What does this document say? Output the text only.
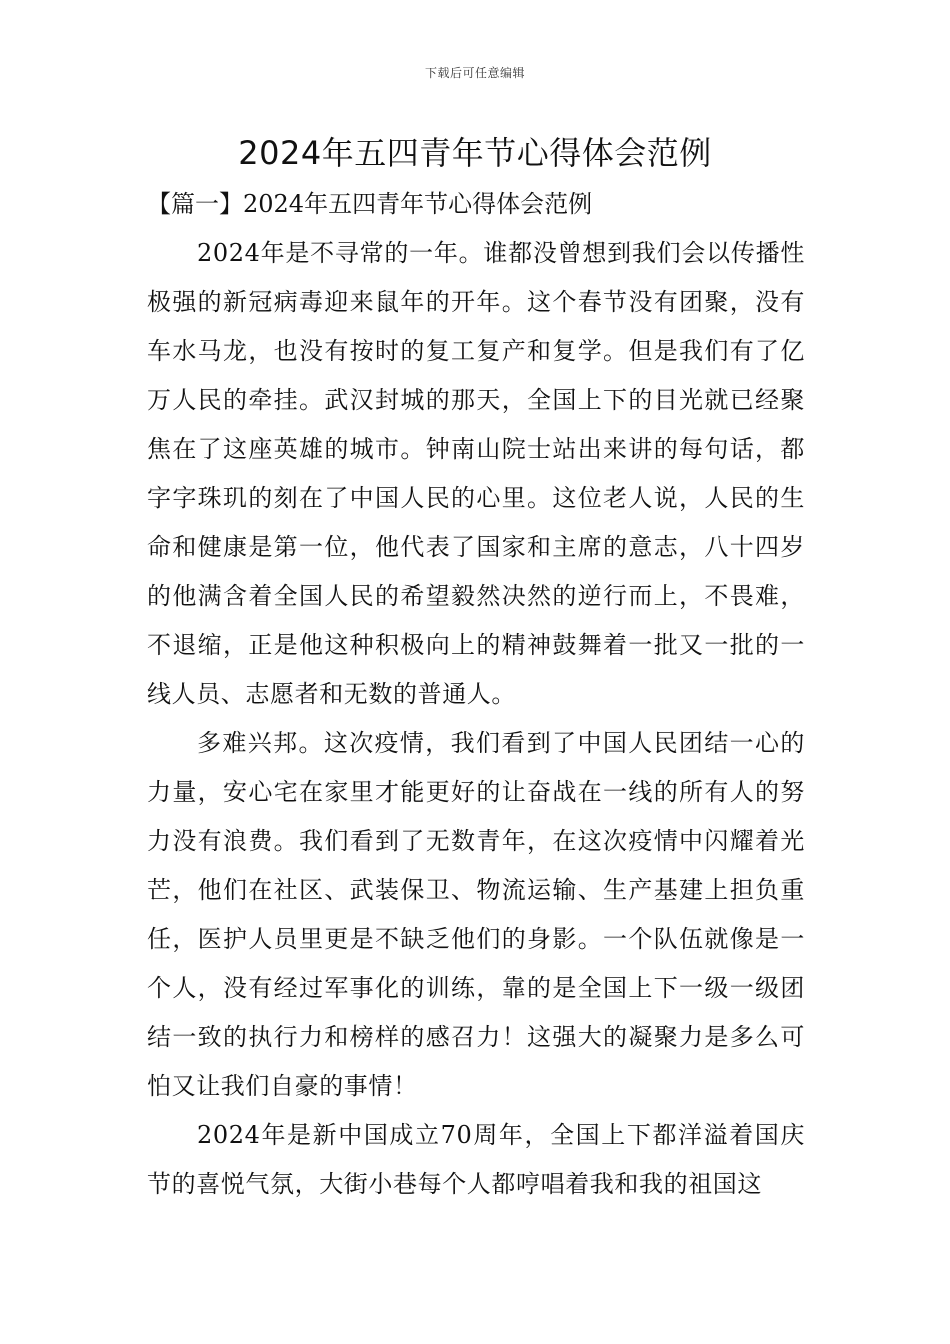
下载后可任意编辑
2024年五四青年节心得体会范例

【篇一】2024年五四青年节心得体会范例

2024年是不寻常的一年。谁都没曾想到我们会以传播性极强的新冠病毒迎来鼠年的开年。这个春节没有团聚，没有车水马龙，也没有按时的复工复产和复学。但是我们有了亿万人民的牵挂。武汉封城的那天，全国上下的目光就已经聚焦在了这座英雄的城市。钟南山院士站出来讲的每句话，都字字珠玑的刻在了中国人民的心里。这位老人说，人民的生命和健康是第一位，他代表了国家和主席的意志，八十四岁的他满含着全国人民的希望毅然决然的逆行而上，不畏难，不退缩，正是他这种积极向上的精神鼓舞着一批又一批的一线人员、志愿者和无数的普通人。

多难兴邦。这次疫情，我们看到了中国人民团结一心的力量，安心宅在家里才能更好的让奋战在一线的所有人的努力没有浪费。我们看到了无数青年，在这次疫情中闪耀着光芒，他们在社区、武装保卫、物流运输、生产基建上担负重任，医护人员里更是不缺乏他们的身影。一个队伍就像是一个人，没有经过军事化的训练，靠的是全国上下一级一级团结一致的执行力和榜样的感召力！这强大的凝聚力是多么可怕又让我们自豪的事情！

2024年是新中国成立70周年，全国上下都洋溢着国庆节的喜悦气氛，大街小巷每个人都哼唱着我和我的祖国这
